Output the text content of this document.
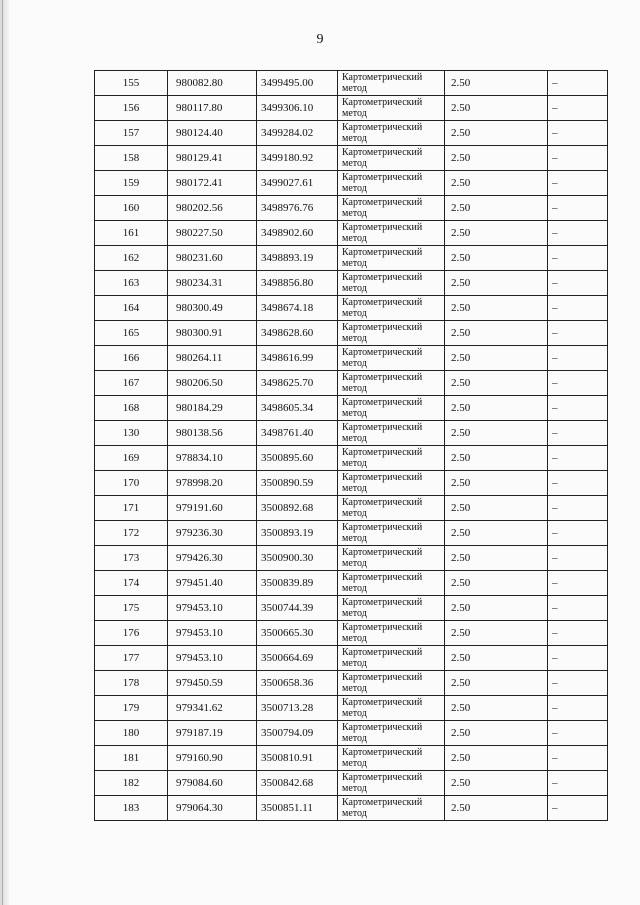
9
155	980082.80	3499495.00	Картометрический метод	2.50	–
156	980117.80	3499306.10	Картометрический метод	2.50	–
157	980124.40	3499284.02	Картометрический метод	2.50	–
158	980129.41	3499180.92	Картометрический метод	2.50	–
159	980172.41	3499027.61	Картометрический метод	2.50	–
160	980202.56	3498976.76	Картометрический метод	2.50	–
161	980227.50	3498902.60	Картометрический метод	2.50	–
162	980231.60	3498893.19	Картометрический метод	2.50	–
163	980234.31	3498856.80	Картометрический метод	2.50	–
164	980300.49	3498674.18	Картометрический метод	2.50	–
165	980300.91	3498628.60	Картометрический метод	2.50	–
166	980264.11	3498616.99	Картометрический метод	2.50	–
167	980206.50	3498625.70	Картометрический метод	2.50	–
168	980184.29	3498605.34	Картометрический метод	2.50	–
130	980138.56	3498761.40	Картометрический метод	2.50	–
169	978834.10	3500895.60	Картометрический метод	2.50	–
170	978998.20	3500890.59	Картометрический метод	2.50	–
171	979191.60	3500892.68	Картометрический метод	2.50	–
172	979236.30	3500893.19	Картометрический метод	2.50	–
173	979426.30	3500900.30	Картометрический метод	2.50	–
174	979451.40	3500839.89	Картометрический метод	2.50	–
175	979453.10	3500744.39	Картометрический метод	2.50	–
176	979453.10	3500665.30	Картометрический метод	2.50	–
177	979453.10	3500664.69	Картометрический метод	2.50	–
178	979450.59	3500658.36	Картометрический метод	2.50	–
179	979341.62	3500713.28	Картометрический метод	2.50	–
180	979187.19	3500794.09	Картометрический метод	2.50	–
181	979160.90	3500810.91	Картометрический метод	2.50	–
182	979084.60	3500842.68	Картометрический метод	2.50	–
183	979064.30	3500851.11	Картометрический метод	2.50	–
